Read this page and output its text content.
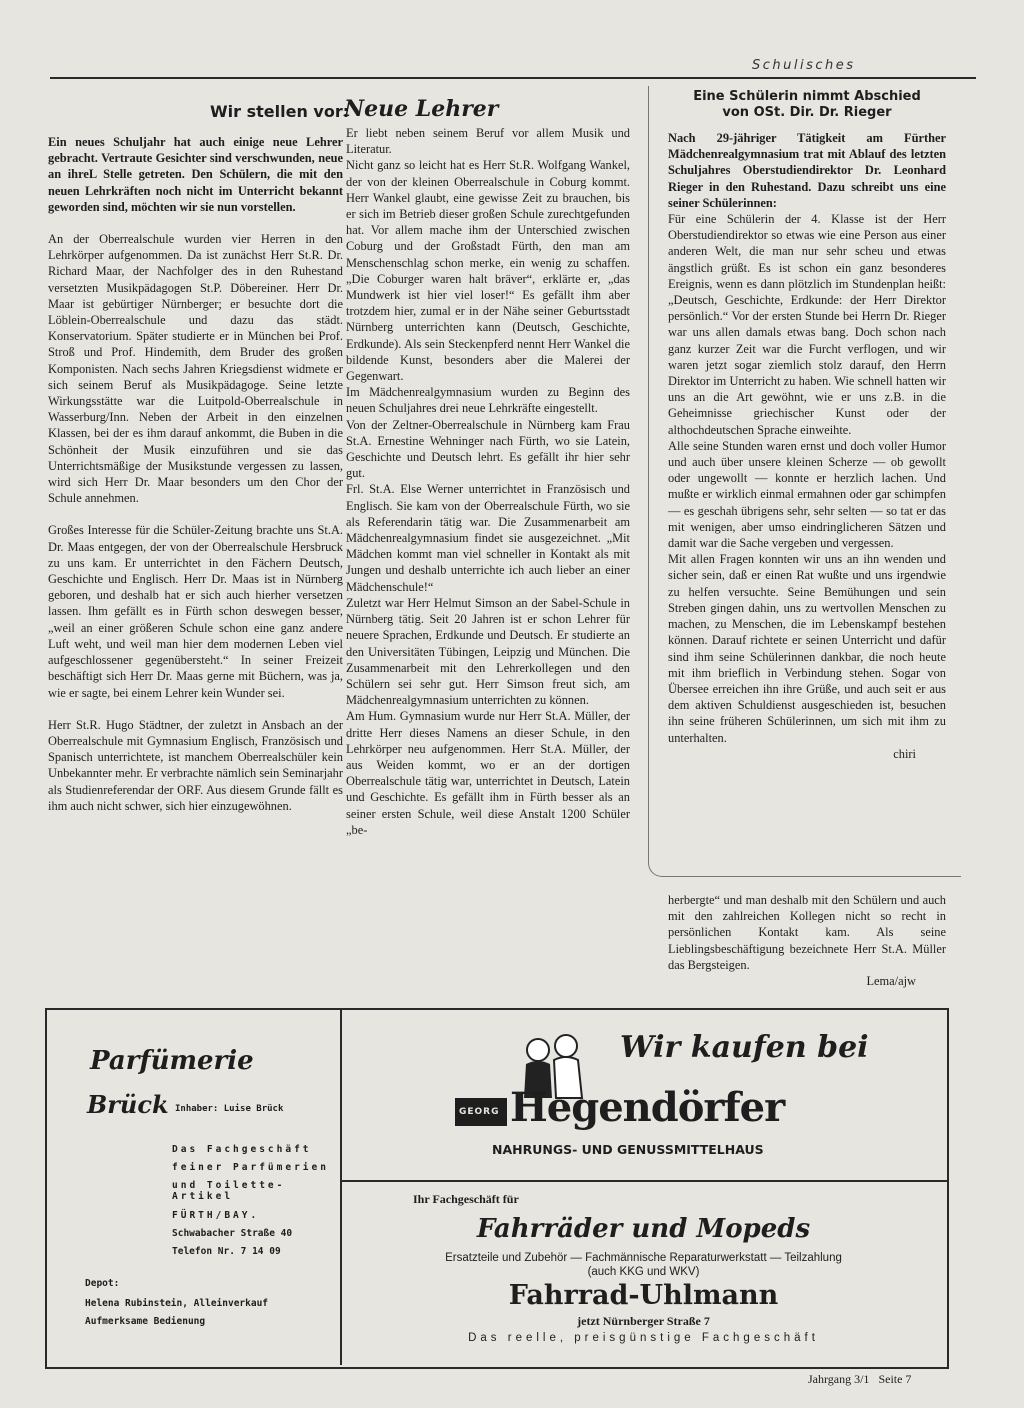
Schulisches
Wir stellen vor:
Neue Lehrer

Ein neues Schuljahr hat auch einige neue Lehrer gebracht. Vertraute Gesichter sind verschwunden, neue an ihreL Stelle getreten. Den Schülern, die mit den neuen Lehrkräften noch nicht im Unterricht bekannt geworden sind, möchten wir sie nun vorstellen.

An der Oberrealschule wurden vier Herren in den Lehrkörper aufgenommen. Da ist zunächst Herr St.R. Dr. Richard Maar, der Nachfolger des in den Ruhestand versetzten Musikpädagogen St.P. Döbereiner. Herr Dr. Maar ist gebürtiger Nürnberger; er besuchte dort die Löblein-Oberrealschule und dazu das städt. Konservatorium. Später studierte er in München bei Prof. Stroß und Prof. Hindemith, dem Bruder des großen Komponisten. Nach sechs Jahren Kriegsdienst widmete er sich seinem Beruf als Musikpädagoge. Seine letzte Wirkungsstätte war die Luitpold-Oberrealschule in Wasserburg/Inn. Neben der Arbeit in den einzelnen Klassen, bei der es ihm darauf ankommt, die Buben in die Schönheit der Musik einzuführen und sie das Unterrichtsmäßige der Musikstunde vergessen zu lassen, wird sich Herr Dr. Maar besonders um den Chor der Schule annehmen.

Großes Interesse für die Schüler-Zeitung brachte uns St.A. Dr. Maas entgegen, der von der Oberrealschule Hersbruck zu uns kam. Er unterrichtet in den Fächern Deutsch, Geschichte und Englisch. Herr Dr. Maas ist in Nürnberg geboren, und deshalb hat er sich auch hierher versetzen lassen. Ihm gefällt es in Fürth schon deswegen besser, „weil an einer größeren Schule schon eine ganz andere Luft weht, und weil man hier dem modernen Leben viel aufgeschlossener gegenübersteht.“ In seiner Freizeit beschäftigt sich Herr Dr. Maas gerne mit Büchern, was ja, wie er sagte, bei einem Lehrer kein Wunder sei.

Herr St.R. Hugo Städtner, der zuletzt in Ansbach an der Oberrealschule mit Gymnasium Englisch, Französisch und Spanisch unterrichtete, ist manchem Oberrealschüler kein Unbekannter mehr. Er verbrachte nämlich sein Seminarjahr als Studienreferendar der ORF. Aus diesem Grunde fällt es ihm auch nicht schwer, sich hier einzugewöhnen.

Er liebt neben seinem Beruf vor allem Musik und Literatur.

Nicht ganz so leicht hat es Herr St.R. Wolfgang Wankel, der von der kleinen Oberrealschule in Coburg kommt. Herr Wankel glaubt, eine gewisse Zeit zu brauchen, bis er sich im Betrieb dieser großen Schule zurechtgefunden hat. Vor allem mache ihm der Unterschied zwischen Coburg und der Großstadt Fürth, den man am Menschenschlag schon merke, ein wenig zu schaffen. „Die Coburger waren halt bräver“, erklärte er, „das Mundwerk ist hier viel loser!“ Es gefällt ihm aber trotzdem hier, zumal er in der Nähe seiner Geburtsstadt Nürnberg unterrichten kann (Deutsch, Geschichte, Erdkunde). Als sein Steckenpferd nennt Herr Wankel die bildende Kunst, besonders aber die Malerei der Gegenwart.

Im Mädchenrealgymnasium wurden zu Beginn des neuen Schuljahres drei neue Lehrkräfte eingestellt.

Von der Zeltner-Oberrealschule in Nürnberg kam Frau St.A. Ernestine Wehninger nach Fürth, wo sie Latein, Geschichte und Deutsch lehrt. Es gefällt ihr hier sehr gut.

Frl. St.A. Else Werner unterrichtet in Französisch und Englisch. Sie kam von der Oberrealschule Fürth, wo sie als Referendarin tätig war. Die Zusammenarbeit am Mädchenrealgymnasium findet sie ausgezeichnet. „Mit Mädchen kommt man viel schneller in Kontakt als mit Jungen und deshalb unterrichte ich auch lieber an einer Mädchenschule!“

Zuletzt war Herr Helmut Simson an der Sabel-Schule in Nürnberg tätig. Seit 20 Jahren ist er schon Lehrer für neuere Sprachen, Erdkunde und Deutsch. Er studierte an den Universitäten Tübingen, Leipzig und München. Die Zusammenarbeit mit den Lehrerkollegen und den Schülern sei sehr gut. Herr Simson freut sich, am Mädchenrealgymnasium unterrichten zu können.

Am Hum. Gymnasium wurde nur Herr St.A. Müller, der dritte Herr dieses Namens an dieser Schule, in den Lehrkörper neu aufgenommen. Herr St.A. Müller, der aus Weiden kommt, wo er an der dortigen Oberrealschule tätig war, unterrichtet in Deutsch, Latein und Geschichte. Es gefällt ihm in Fürth besser als an seiner ersten Schule, weil diese Anstalt 1200 Schüler „be-

Eine Schülerin nimmt Abschied
von OSt. Dir. Dr. Rieger

Nach 29-jähriger Tätigkeit am Fürther Mädchenrealgymnasium trat mit Ablauf des letzten Schuljahres Oberstudiendirektor Dr. Leonhard Rieger in den Ruhestand. Dazu schreibt uns eine seiner Schülerinnen:

Für eine Schülerin der 4. Klasse ist der Herr Oberstudiendirektor so etwas wie eine Person aus einer anderen Welt, die man nur sehr scheu und etwas ängstlich grüßt. Es ist schon ein ganz besonderes Ereignis, wenn es dann plötzlich im Stundenplan heißt: „Deutsch, Geschichte, Erdkunde: der Herr Direktor persönlich.“ Vor der ersten Stunde bei Herrn Dr. Rieger war uns allen damals etwas bang. Doch schon nach ganz kurzer Zeit war die Furcht verflogen, und wir waren jetzt sogar ziemlich stolz darauf, den Herrn Direktor im Unterricht zu haben. Wie schnell hatten wir uns an die Art gewöhnt, wie er uns z.B. in die Geheimnisse griechischer Kunst oder der althochdeutschen Sprache einweihte.

Alle seine Stunden waren ernst und doch voller Humor und auch über unsere kleinen Scherze — ob gewollt oder ungewollt — konnte er herzlich lachen. Und mußte er wirklich einmal ermahnen oder gar schimpfen — es geschah übrigens sehr, sehr selten — so tat er das mit wenigen, aber umso eindringlicheren Sätzen und damit war die Sache vergeben und vergessen.

Mit allen Fragen konnten wir uns an ihn wenden und sicher sein, daß er einen Rat wußte und uns irgendwie zu helfen versuchte. Seine Bemühungen und sein Streben gingen dahin, uns zu wertvollen Menschen zu machen, zu Menschen, die im Lebenskampf bestehen können. Darauf richtete er seinen Unterricht und dafür sind ihm seine Schülerinnen dankbar, die noch heute mit ihm brieflich in Verbindung stehen. Sogar von Übersee erreichen ihn ihre Grüße, und auch seit er aus dem aktiven Schuldienst ausgeschieden ist, besuchen ihn seine früheren Schülerinnen, um sich mit ihm zu unterhalten.

chiri

herbergte“ und man deshalb mit den Schülern und auch mit den zahlreichen Kollegen nicht so recht in persönlichen Kontakt kam. Als seine Lieblingsbeschäftigung bezeichnete Herr St.A. Müller das Bergsteigen.

Lema/ajw

Parfümerie
Brück Inhaber: Luise Brück
Das Fachgeschäft
feiner Parfümerien
und Toilette-Artikel
FÜRTH/BAY.
Schwabacher Straße 40
Telefon Nr. 7 14 09
Depot:
Helena Rubinstein, Alleinverkauf
Aufmerksame Bedienung
Wir kaufen bei
GEORG Hegendörfer
NAHRUNGS- UND GENUSSMITTELHAUS
Ihr Fachgeschäft für
Fahrräder und Mopeds
Ersatzteile und Zubehör — Fachmännische Reparaturwerkstatt — Teilzahlung
(auch KKG und WKV)
Fahrrad-Uhlmann
jetzt Nürnberger Straße 7
Das reelle, preisgünstige Fachgeschäft
Jahrgang 3/1 Seite 7
